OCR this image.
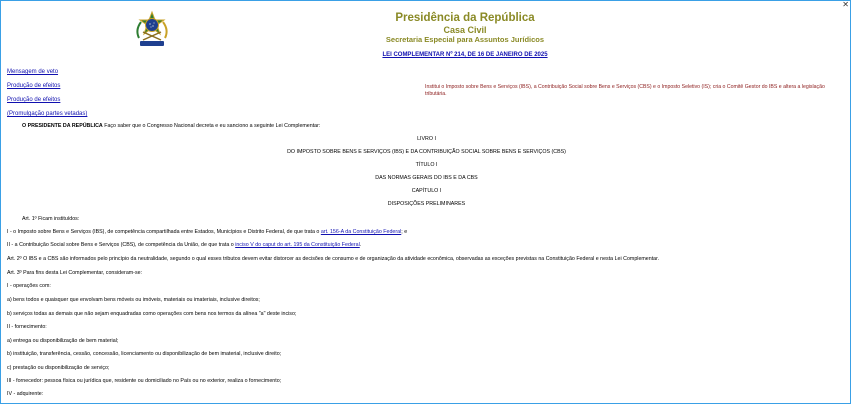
✕
Presidência da República
Casa Civil
Secretaria Especial para Assuntos Jurídicos
LEI COMPLEMENTAR Nº 214, DE 16 DE JANEIRO DE 2025
Mensagem de veto
Produção de efeitos
Produção de efeitos
(Promulgação partes vetadas)
Institui o Imposto sobre Bens e Serviços (IBS), a Contribuição Social sobre Bens e Serviços (CBS) e o Imposto Seletivo (IS); cria o Comitê Gestor do IBS e altera a legislação tributária.
O PRESIDENTE DA REPÚBLICA Faço saber que o Congresso Nacional decreta e eu sanciono a seguinte Lei Complementar:
LIVRO I
DO IMPOSTO SOBRE BENS E SERVIÇOS (IBS) E DA CONTRIBUIÇÃO SOCIAL SOBRE BENS E SERVIÇOS (CBS)
TÍTULO I
DAS NORMAS GERAIS DO IBS E DA CBS
CAPÍTULO I
DISPOSIÇÕES PRELIMINARES
Art. 1º Ficam instituídos:
I - o Imposto sobre Bens e Serviços (IBS), de competência compartilhada entre Estados, Municípios e Distrito Federal, de que trata o art. 156-A da Constituição Federal; e
II - a Contribuição Social sobre Bens e Serviços (CBS), de competência da União, de que trata o inciso V do caput do art. 195 da Constituição Federal.
Art. 2º O IBS e a CBS são informados pelo princípio da neutralidade, segundo o qual esses tributos devem evitar distorcer as decisões de consumo e de organização da atividade econômica, observadas as exceções previstas na Constituição Federal e nesta Lei Complementar.
Art. 3º Para fins desta Lei Complementar, consideram-se:
I - operações com:
a) bens todos e quaisquer que envolvam bens móveis ou imóveis, materiais ou imateriais, inclusive direitos;
b) serviços todas as demais que não sejam enquadradas como operações com bens nos termos da alínea "a" deste inciso;
II - fornecimento:
a) entrega ou disponibilização de bem material;
b) instituição, transferência, cessão, concessão, licenciamento ou disponibilização de bem imaterial, inclusive direito;
c) prestação ou disponibilização de serviço;
III - fornecedor: pessoa física ou jurídica que, residente ou domiciliado no País ou no exterior, realiza o fornecimento;
IV - adquirente:
